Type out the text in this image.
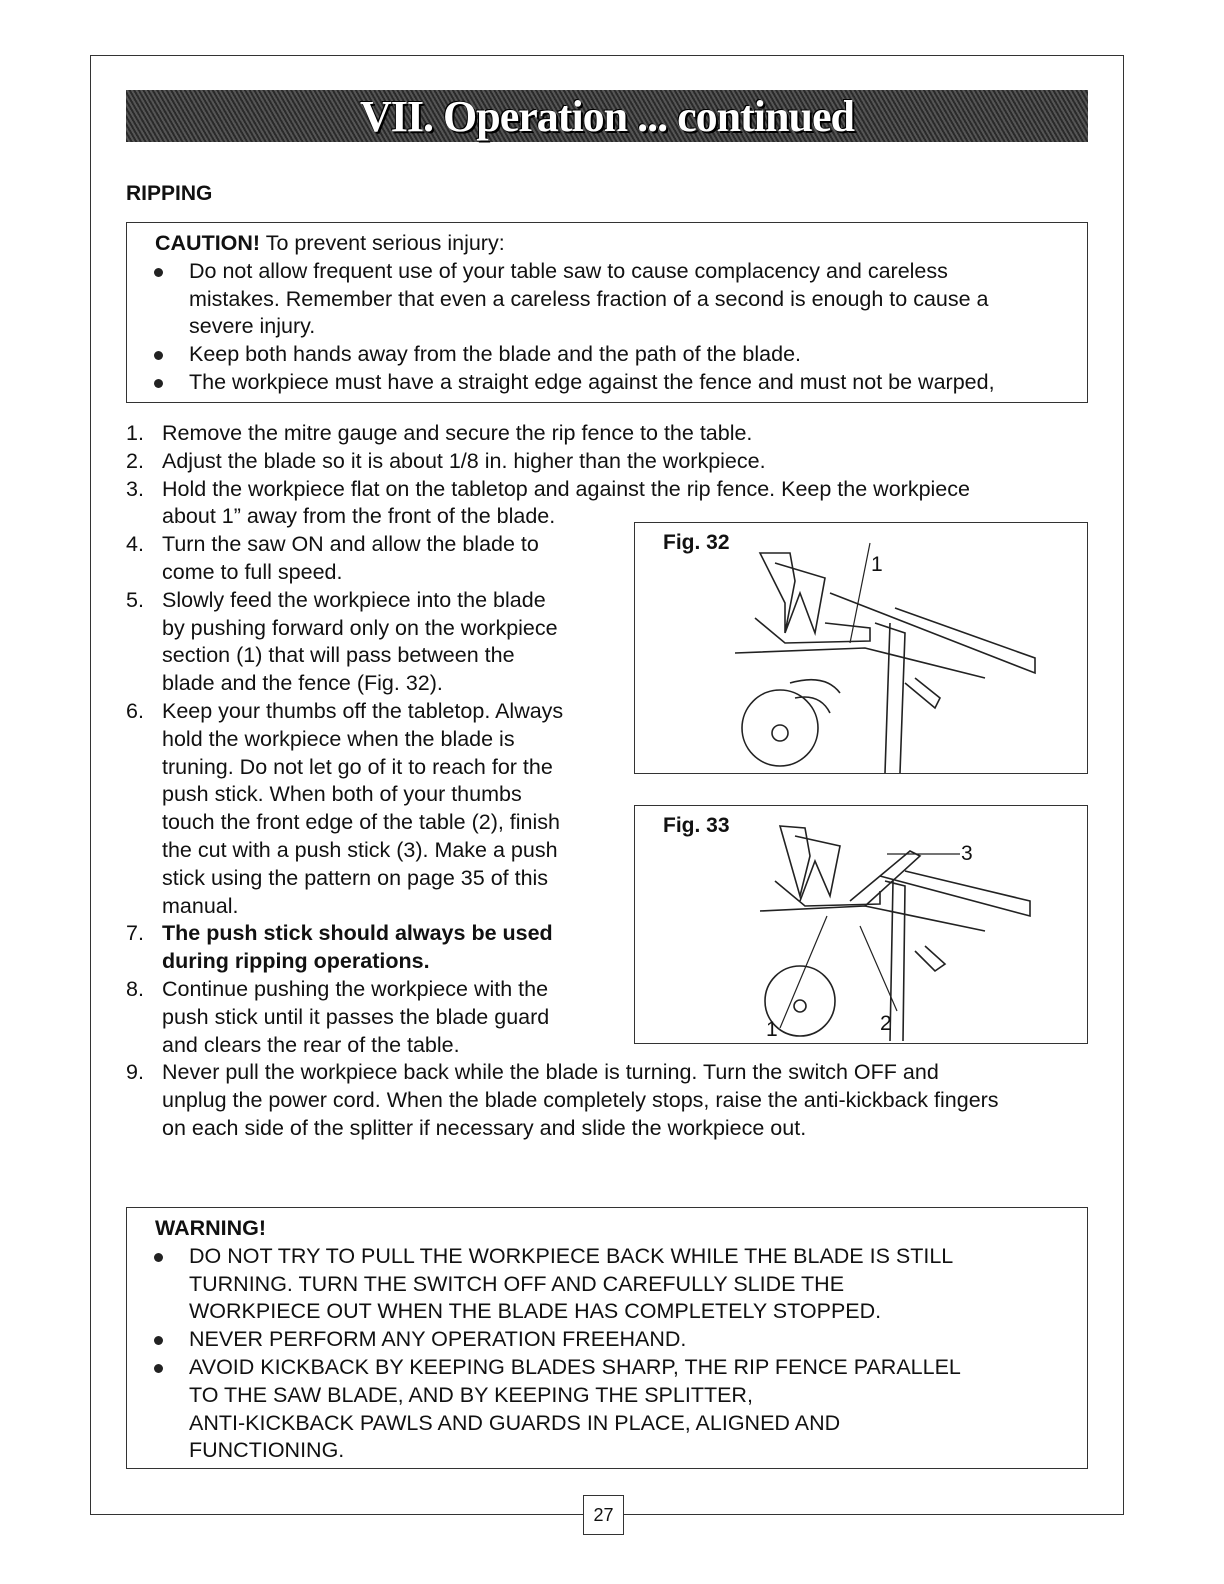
27
VII. Operation ... continued
RIPPING
CAUTION! To prevent serious injury:
Do not allow frequent use of your table saw to cause complacency and careless
mistakes. Remember that even a careless fraction of a second is enough to cause a
severe injury.
Keep both hands away from the blade and the path of the blade.
The workpiece must have a straight edge against the fence and must not be warped,
1. Remove the mitre gauge and secure the rip fence to the table.
2. Adjust the blade so it is about 1/8 in. higher than the workpiece.
3. Hold the workpiece flat on the tabletop and against the rip fence. Keep the workpiece
about 1” away from the front of the blade.
4. Turn the saw ON and allow the blade to
come to full speed.
5. Slowly feed the workpiece into the blade
by pushing forward only on the workpiece
section (1) that will pass between the
blade and the fence (Fig. 32).
6. Keep your thumbs off the tabletop. Always
hold the workpiece when the blade is
truning. Do not let go of it to reach for the
push stick. When both of your thumbs
touch the front edge of the table (2), finish
the cut with a push stick (3). Make a push
stick using the pattern on page 35 of this
manual.
7. The push stick should always be used
during ripping operations.
8. Continue pushing the workpiece with the
push stick until it passes the blade guard
and clears the rear of the table.
9. Never pull the workpiece back while the blade is turning. Turn the switch OFF and
unplug the power cord. When the blade completely stops, raise the anti-kickback fingers
on each side of the splitter if necessary and slide the workpiece out.
Fig. 32
1
Fig. 33
3
1	2
WARNING!
DO NOT TRY TO PULL THE WORKPIECE BACK WHILE THE BLADE IS STILL
TURNING. TURN THE SWITCH OFF AND CAREFULLY SLIDE THE
WORKPIECE OUT WHEN THE BLADE HAS COMPLETELY STOPPED.
NEVER PERFORM ANY OPERATION FREEHAND.
AVOID KICKBACK BY KEEPING BLADES SHARP, THE RIP FENCE PARALLEL
TO THE SAW BLADE, AND BY KEEPING THE SPLITTER,
ANTI-KICKBACK PAWLS AND GUARDS IN PLACE, ALIGNED AND
FUNCTIONING.
